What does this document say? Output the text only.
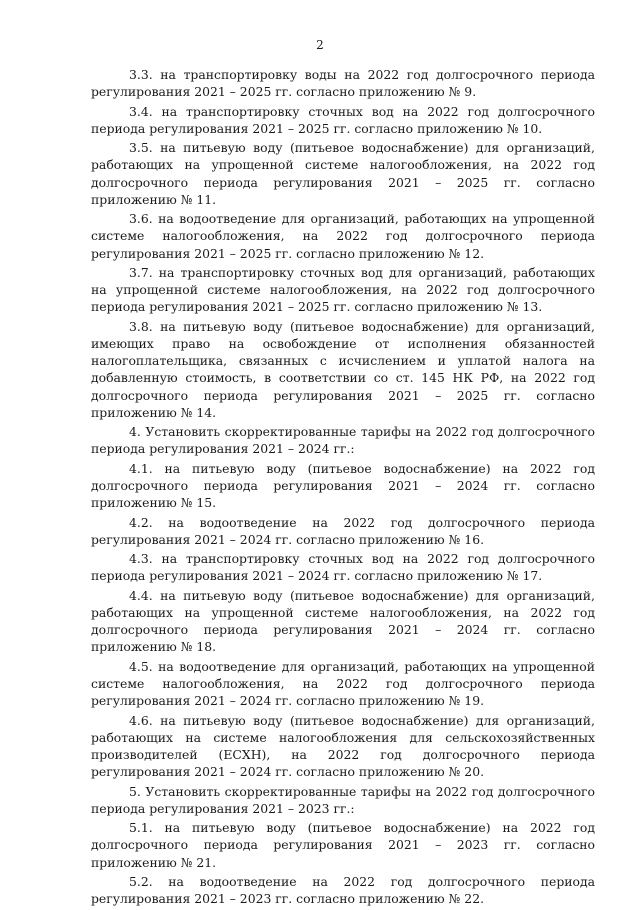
2

3.3. на транспортировку воды на 2022 год долгосрочного периода регулирования 2021 – 2025 гг. согласно приложению № 9.

3.4. на транспортировку сточных вод на 2022 год долгосрочного периода регулирования 2021 – 2025 гг. согласно приложению № 10.

3.5. на питьевую воду (питьевое водоснабжение) для организаций, работающих на упрощенной системе налогообложения, на 2022 год долгосрочного периода регулирования 2021 – 2025 гг. согласно приложению № 11.

3.6. на водоотведение для организаций, работающих на упрощенной системе налогообложения, на 2022 год долгосрочного периода регулирования 2021 – 2025 гг. согласно приложению № 12.

3.7. на транспортировку сточных вод для организаций, работающих на упрощенной системе налогообложения, на 2022 год долгосрочного периода регулирования 2021 – 2025 гг. согласно приложению № 13.

3.8. на питьевую воду (питьевое водоснабжение) для организаций, имеющих право на освобождение от исполнения обязанностей налогоплательщика, связанных с исчислением и уплатой налога на добавленную стоимость, в соответствии со ст. 145 НК РФ, на 2022 год долгосрочного периода регулирования 2021 – 2025 гг. согласно приложению № 14.

4. Установить скорректированные тарифы на 2022 год долгосрочного периода регулирования 2021 – 2024 гг.:

4.1. на питьевую воду (питьевое водоснабжение) на 2022 год долгосрочного периода регулирования 2021 – 2024 гг. согласно приложению № 15.

4.2. на водоотведение на 2022 год долгосрочного периода регулирования 2021 – 2024 гг. согласно приложению № 16.

4.3. на транспортировку сточных вод на 2022 год долгосрочного периода регулирования 2021 – 2024 гг. согласно приложению № 17.

4.4. на питьевую воду (питьевое водоснабжение) для организаций, работающих на упрощенной системе налогообложения, на 2022 год долгосрочного периода регулирования 2021 – 2024 гг. согласно приложению № 18.

4.5. на водоотведение для организаций, работающих на упрощенной системе налогообложения, на 2022 год долгосрочного периода регулирования 2021 – 2024 гг. согласно приложению № 19.

4.6. на питьевую воду (питьевое водоснабжение) для организаций, работающих на системе налогообложения для сельскохозяйственных производителей (ЕСХН), на 2022 год долгосрочного периода регулирования 2021 – 2024 гг. согласно приложению № 20.

5. Установить скорректированные тарифы на 2022 год долгосрочного периода регулирования 2021 – 2023 гг.:

5.1. на питьевую воду (питьевое водоснабжение) на 2022 год долгосрочного периода регулирования 2021 – 2023 гг. согласно приложению № 21.

5.2. на водоотведение на 2022 год долгосрочного периода регулирования 2021 – 2023 гг. согласно приложению № 22.
